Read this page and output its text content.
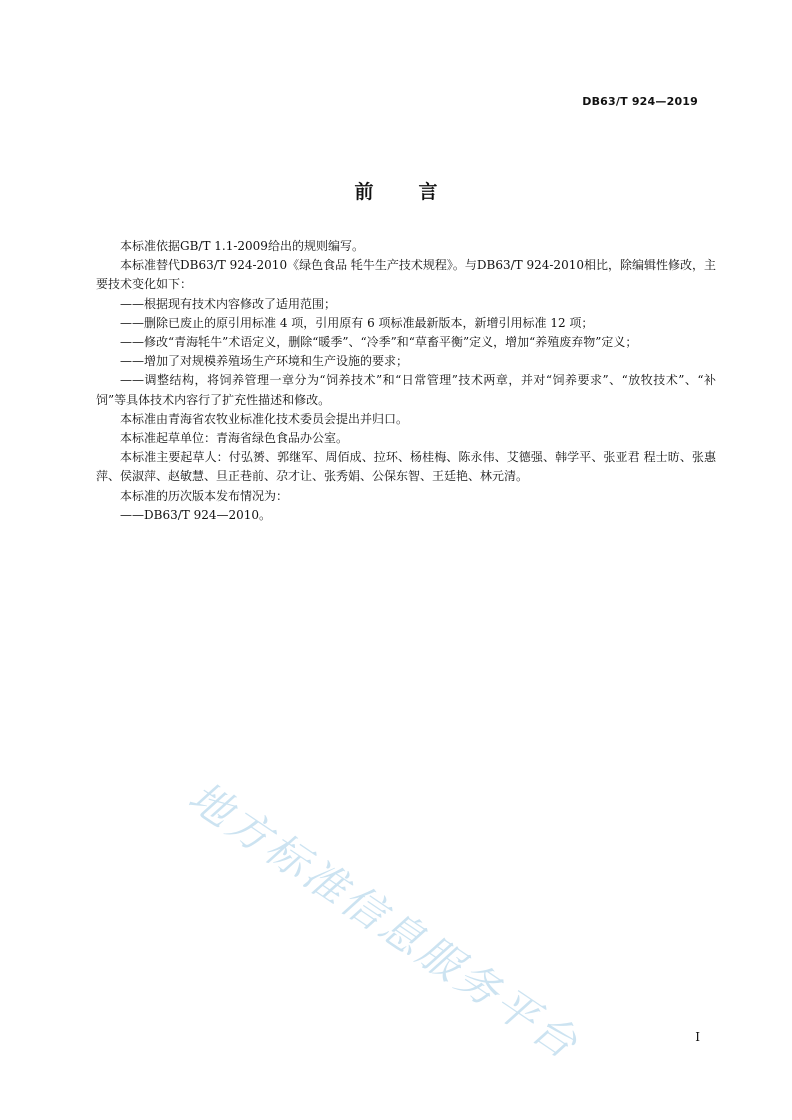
DB63/T 924—2019
前言

本标准依据GB/T 1.1-2009给出的规则编写。

本标准替代DB63/T 924-2010《绿色食品 牦牛生产技术规程》。与DB63/T 924-2010相比，除编辑性修改，主要技术变化如下：

——根据现有技术内容修改了适用范围；

——删除已废止的原引用标准 4 项，引用原有 6 项标准最新版本，新增引用标准 12 项；

——修改“青海牦牛”术语定义，删除“暖季”、“冷季”和“草畜平衡”定义，增加“养殖废弃物”定义；

——增加了对规模养殖场生产环境和生产设施的要求；

——调整结构，将饲养管理一章分为“饲养技术”和“日常管理”技术两章，并对“饲养要求”、“放牧技术”、“补饲”等具体技术内容行了扩充性描述和修改。

本标准由青海省农牧业标准化技术委员会提出并归口。

本标准起草单位：青海省绿色食品办公室。

本标准主要起草人：付弘赟、郭继军、周佰成、拉环、杨桂梅、陈永伟、艾德强、韩学平、张亚君 程士昉、张惠萍、侯淑萍、赵敏慧、旦正巷前、尕才让、张秀娟、公保东智、王廷艳、林元清。

本标准的历次版本发布情况为：

——DB63/T 924—2010。

地方标准信息服务平台	I
